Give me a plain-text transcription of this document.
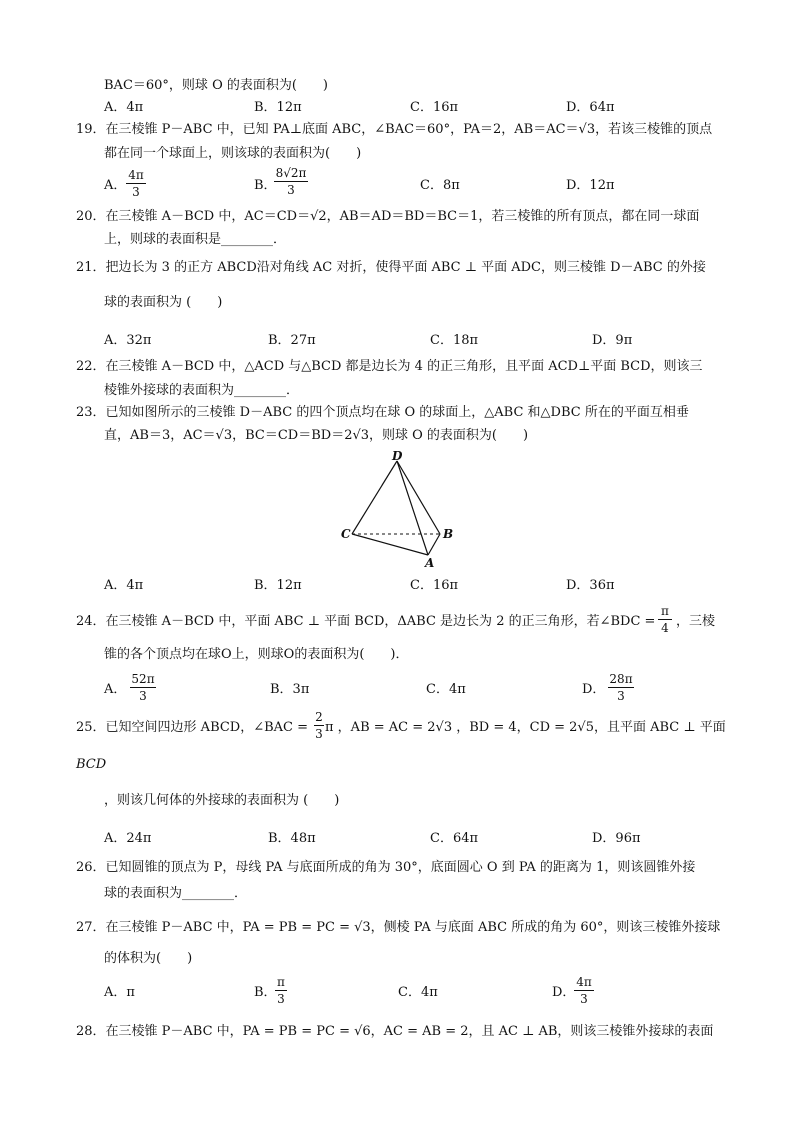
BAC＝60°，则球 O 的表面积为(　　)
A．4π	B．12π	C．16π	D．64π
19．在三棱锥 P－ABC 中，已知 PA⊥底面 ABC，∠BAC＝60°，PA＝2，AB＝AC＝√3，若该三棱锥的顶点
都在同一个球面上，则该球的表面积为(　　)
A．
4π
3	B．
8√2π
3	C．8π	D．12π
20．在三棱锥 A－BCD 中，AC＝CD＝√2，AB＝AD＝BD＝BC＝1，若三棱锥的所有顶点，都在同一球面
上，则球的表面积是________．
21．把边长为 3 的正方 ABCD沿对角线 AC 对折，使得平面 ABC ⊥ 平面 ADC，则三棱锥 D－ABC 的外接
球的表面积为 (　　)
A．32π	B．27π	C．18π	D．9π
22．在三棱锥 A－BCD 中，△ACD 与△BCD 都是边长为 4 的正三角形，且平面 ACD⊥平面 BCD，则该三
棱锥外接球的表面积为________．
23．已知如图所示的三棱锥 D－ABC 的四个顶点均在球 O 的球面上，△ABC 和△DBC 所在的平面互相垂
直，AB＝3，AC＝√3，BC＝CD＝BD＝2√3，则球 O 的表面积为(　　)
D
C	B
A
A．4π	B．12π	C．16π	D．36π
24．在三棱锥 A－BCD 中，平面 ABC ⊥ 平面 BCD，ΔABC 是边长为 2 的正三角形，若∠BDC =
π
4 ，三棱
锥的各个顶点均在球O上，则球O的表面积为(　　)．
A．
52π
3	B．3π	C．4π	D．
28π
3
25．已知空间四边形 ABCD，∠BAC =
2
3 π ，AB = AC = 2√3 ，BD = 4，CD = 2√5，且平面 ABC ⊥ 平面
BCD
，则该几何体的外接球的表面积为 (　　)
A．24π	B．48π	C．64π	D．96π
26．已知圆锥的顶点为 P，母线 PA 与底面所成的角为 30°，底面圆心 O 到 PA 的距离为 1，则该圆锥外接
球的表面积为________．
27．在三棱锥 P－ABC 中，PA = PB = PC = √3，侧棱 PA 与底面 ABC 所成的角为 60°，则该三棱锥外接球
的体积为(　　)
A．π	B．
π
3	C．4π	D．
4π
3
28．在三棱锥 P－ABC 中，PA = PB = PC = √6，AC = AB = 2，且 AC ⊥ AB，则该三棱锥外接球的表面
